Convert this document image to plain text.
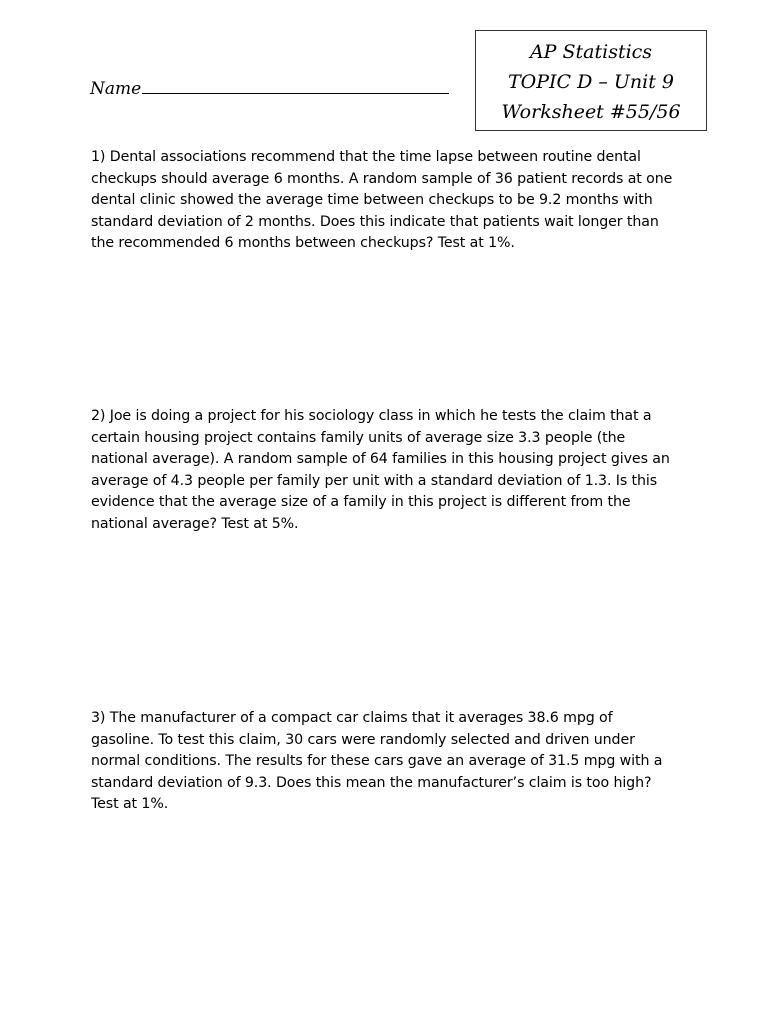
Name
AP Statistics
TOPIC D – Unit 9
Worksheet #55/56
1) Dental associations recommend that the time lapse between routine dental
checkups should average 6 months. A random sample of 36 patient records at one
dental clinic showed the average time between checkups to be 9.2 months with
standard deviation of 2 months. Does this indicate that patients wait longer than
the recommended 6 months between checkups? Test at 1%.
2) Joe is doing a project for his sociology class in which he tests the claim that a
certain housing project contains family units of average size 3.3 people (the
national average). A random sample of 64 families in this housing project gives an
average of 4.3 people per family per unit with a standard deviation of 1.3. Is this
evidence that the average size of a family in this project is different from the
national average? Test at 5%.
3) The manufacturer of a compact car claims that it averages 38.6 mpg of
gasoline. To test this claim, 30 cars were randomly selected and driven under
normal conditions. The results for these cars gave an average of 31.5 mpg with a
standard deviation of 9.3. Does this mean the manufacturer’s claim is too high?
Test at 1%.
